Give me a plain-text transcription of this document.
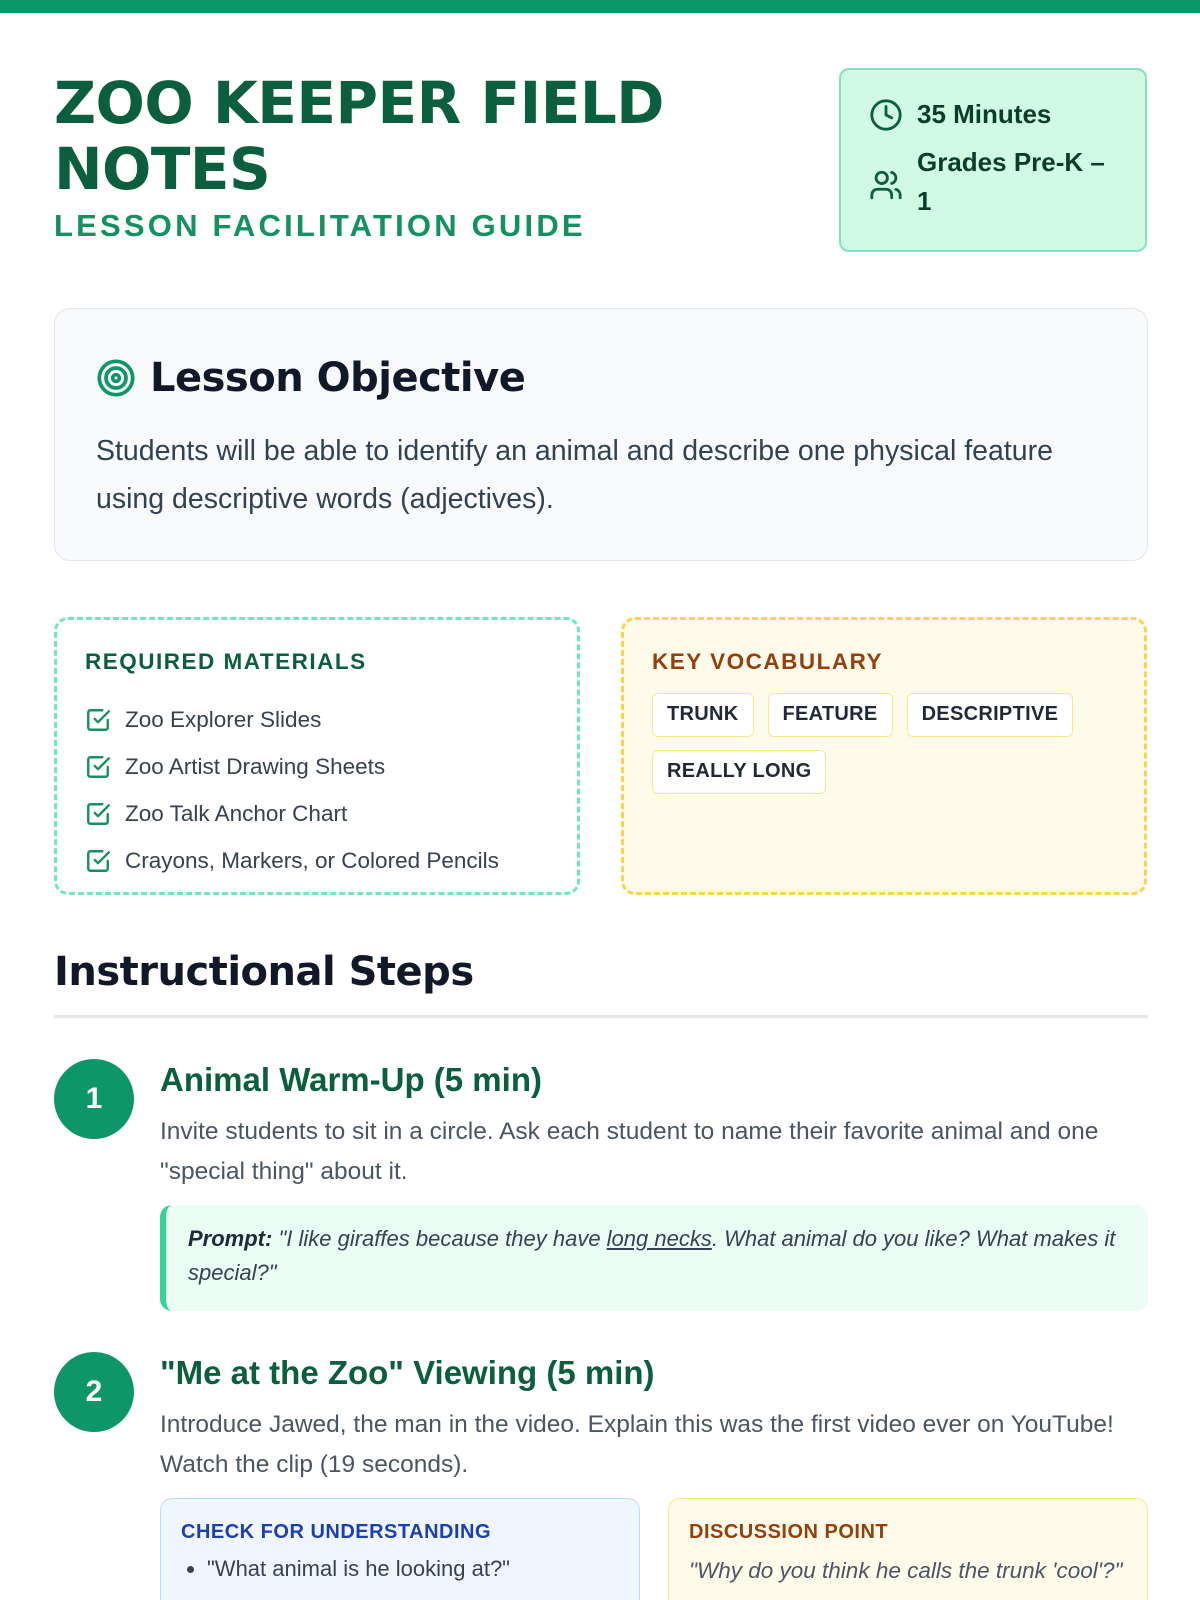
ZOO KEEPER FIELD NOTES
LESSON FACILITATION GUIDE
35 Minutes
Grades Pre-K – 1
Lesson Objective

Students will be able to identify an animal and describe one physical feature using descriptive words (adjectives).

REQUIRED MATERIALS
Zoo Explorer Slides
Zoo Artist Drawing Sheets
Zoo Talk Anchor Chart
Crayons, Markers, or Colored Pencils
KEY VOCABULARY
TRUNK	FEATURE	DESCRIPTIVE
REALLY LONG
Instructional Steps
1
Animal Warm-Up (5 min)

Invite students to sit in a circle. Ask each student to name their favorite animal and one "special thing" about it.

Prompt: "I like giraffes because they have long necks. What animal do you like? What makes it special?"
2
"Me at the Zoo" Viewing (5 min)

Introduce Jawed, the man in the video. Explain this was the first video ever on YouTube! Watch the clip (19 seconds).

CHECK FOR UNDERSTANDING
• "What animal is he looking at?"
DISCUSSION POINT
"Why do you think he calls the trunk 'cool'?"
